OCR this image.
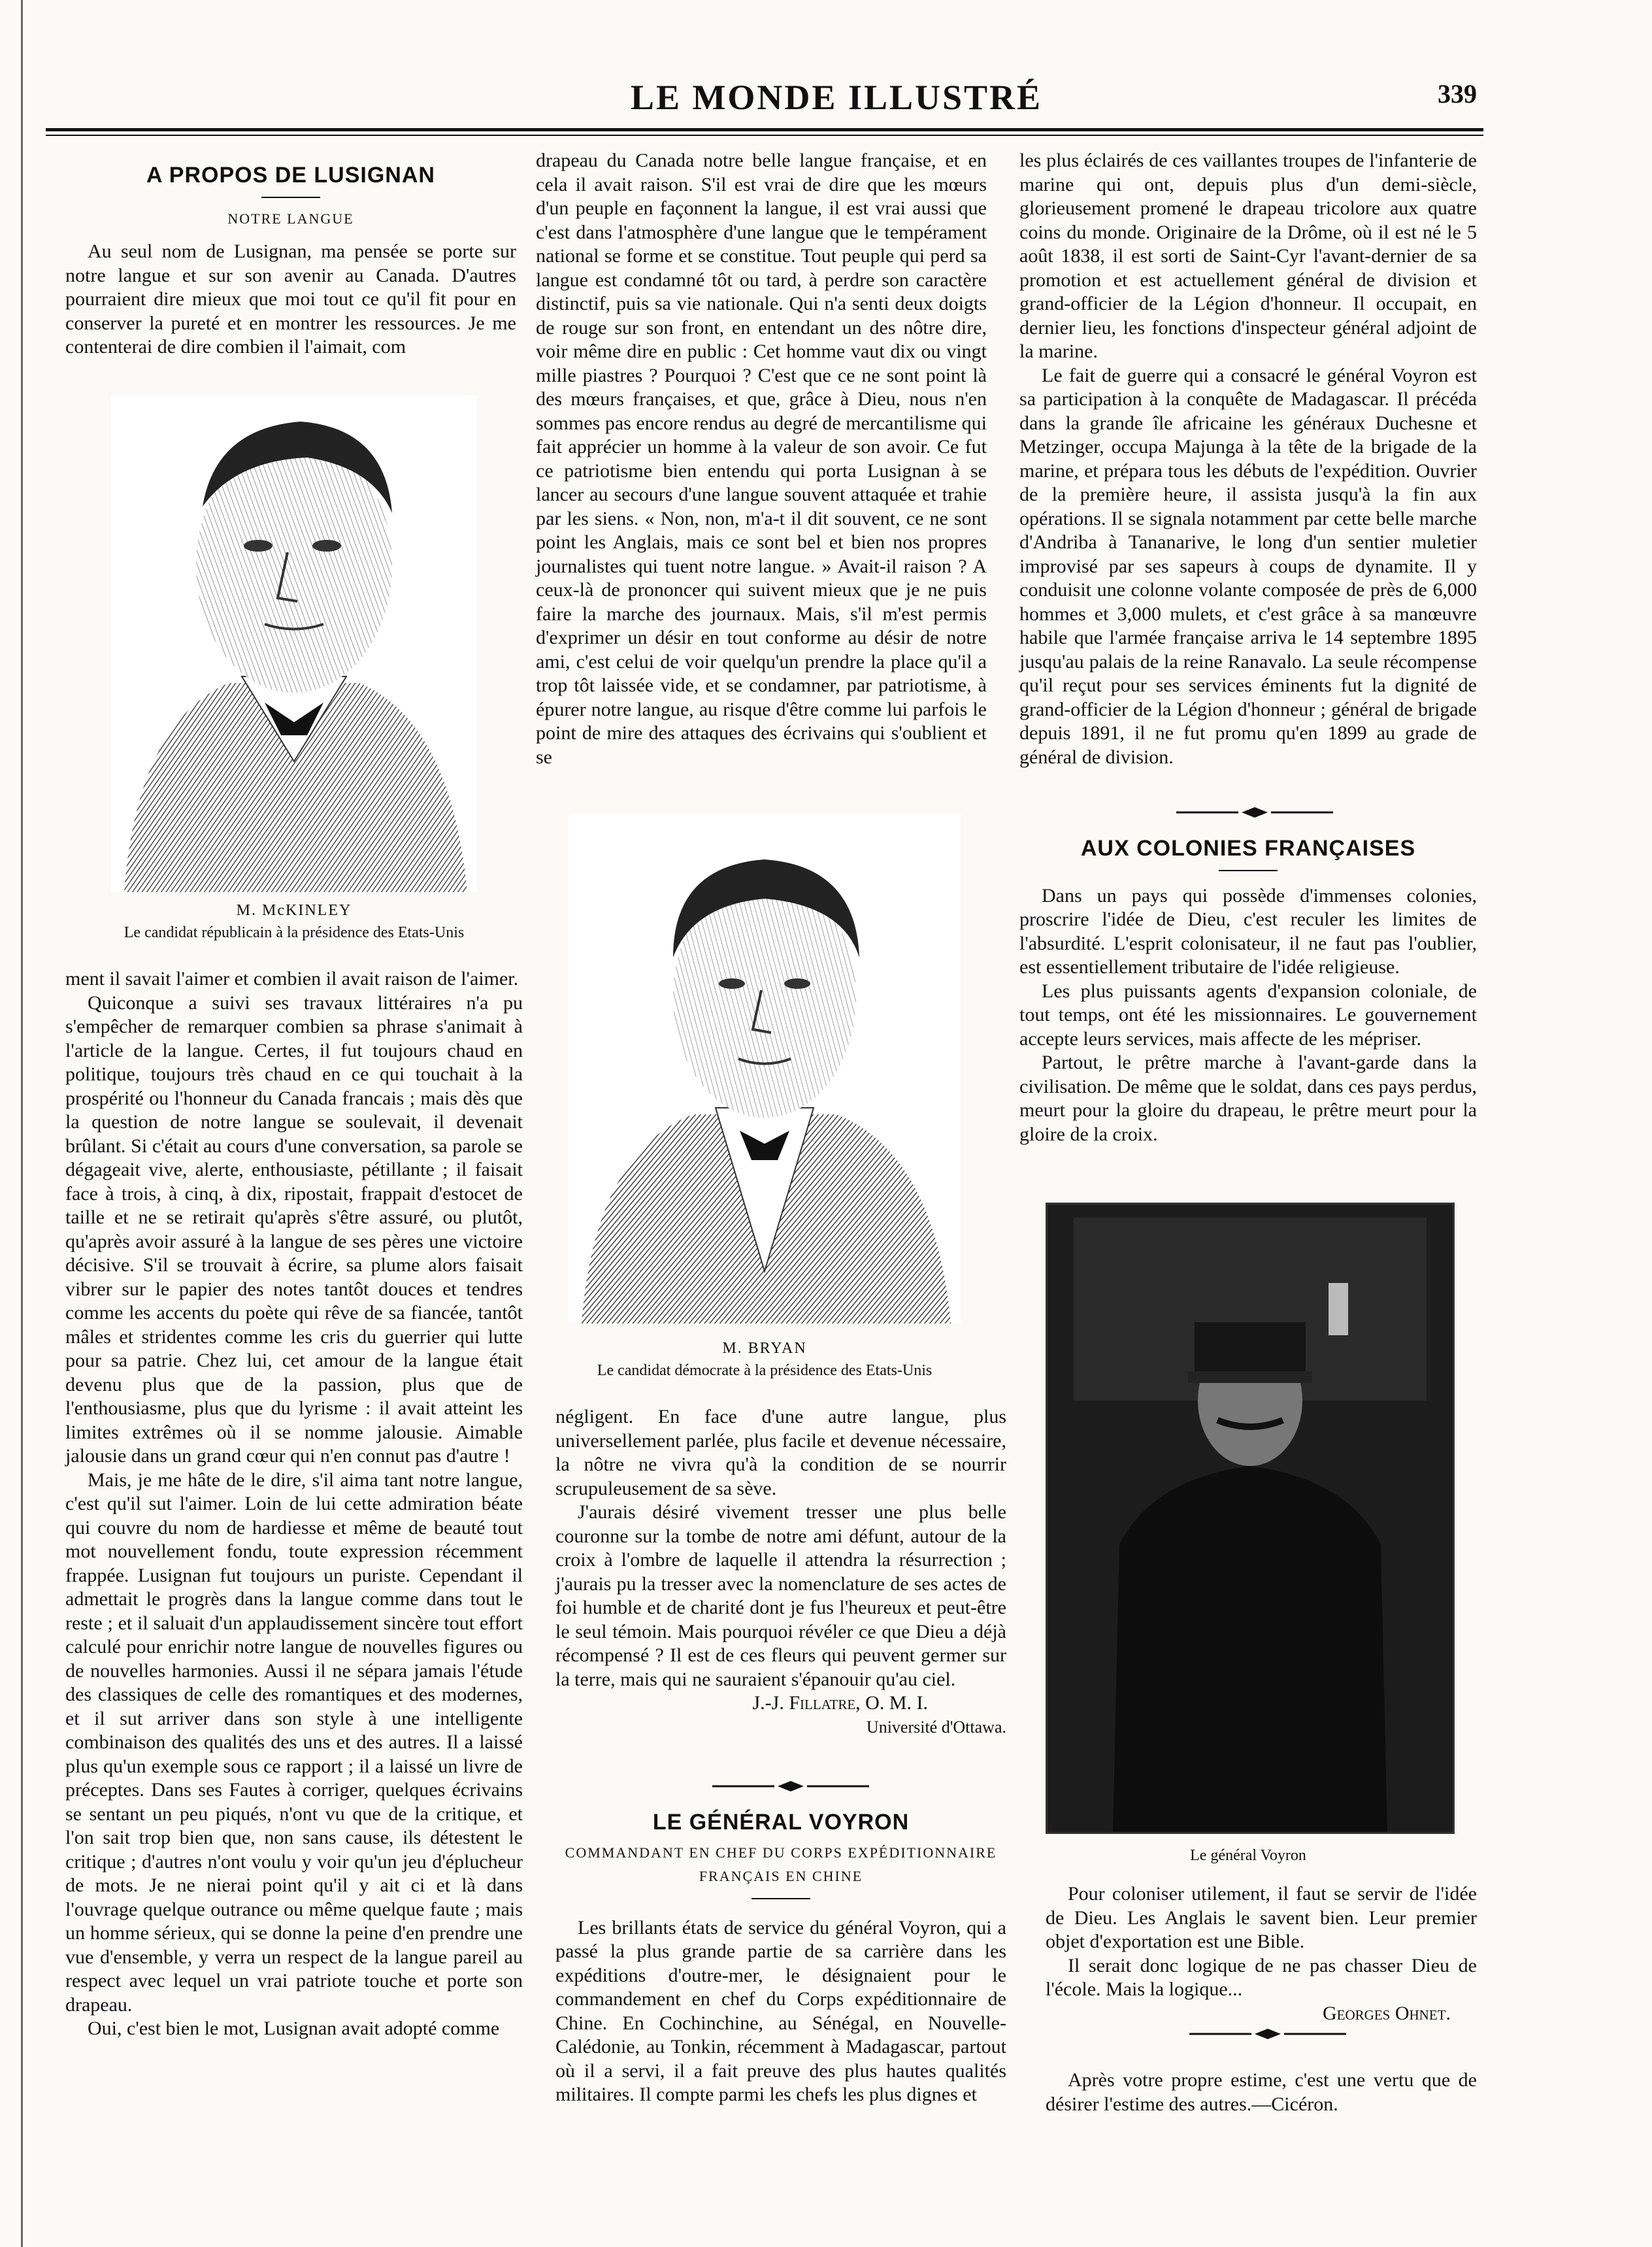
LE MONDE ILLUSTRÉ	339
A PROPOS DE LUSIGNAN
NOTRE LANGUE

Au seul nom de Lusignan, ma pensée se porte sur notre langue et sur son avenir au Canada. D'autres pourraient dire mieux que moi tout ce qu'il fit pour en conserver la pureté et en montrer les ressources. Je me contenterai de dire combien il l'aimait, com

M. McKINLEY
Le candidat républicain à la présidence des Etats-Unis

ment il savait l'aimer et combien il avait raison de l'aimer.

Quiconque a suivi ses travaux littéraires n'a pu s'empêcher de remarquer combien sa phrase s'animait à l'article de la langue. Certes, il fut toujours chaud en politique, toujours très chaud en ce qui touchait à la prospérité ou l'honneur du Canada francais ; mais dès que la question de notre langue se soulevait, il devenait brûlant. Si c'était au cours d'une conversation, sa parole se dégageait vive, alerte, enthousiaste, pétillante ; il faisait face à trois, à cinq, à dix, ripostait, frappait d'estocet de taille et ne se retirait qu'après s'être assuré, ou plutôt, qu'après avoir assuré à la langue de ses pères une victoire décisive. S'il se trouvait à écrire, sa plume alors faisait vibrer sur le papier des notes tantôt douces et tendres comme les accents du poète qui rêve de sa fiancée, tantôt mâles et stridentes comme les cris du guerrier qui lutte pour sa patrie. Chez lui, cet amour de la langue était devenu plus que de la passion, plus que de l'enthousiasme, plus que du lyrisme : il avait atteint les limites extrêmes où il se nomme jalousie. Aimable jalousie dans un grand cœur qui n'en connut pas d'autre !

Mais, je me hâte de le dire, s'il aima tant notre langue, c'est qu'il sut l'aimer. Loin de lui cette admiration béate qui couvre du nom de hardiesse et même de beauté tout mot nouvellement fondu, toute expression récemment frappée. Lusignan fut toujours un puriste. Cependant il admettait le progrès dans la langue comme dans tout le reste ; et il saluait d'un applaudissement sincère tout effort calculé pour enrichir notre langue de nouvelles figures ou de nouvelles harmonies. Aussi il ne sépara jamais l'étude des classiques de celle des romantiques et des modernes, et il sut arriver dans son style à une intelligente combinaison des qualités des uns et des autres. Il a laissé plus qu'un exemple sous ce rapport ; il a laissé un livre de préceptes. Dans ses Fautes à corriger, quelques écrivains se sentant un peu piqués, n'ont vu que de la critique, et l'on sait trop bien que, non sans cause, ils détestent le critique ; d'autres n'ont voulu y voir qu'un jeu d'éplucheur de mots. Je ne nierai point qu'il y ait ci et là dans l'ouvrage quelque outrance ou même quelque faute ; mais un homme sérieux, qui se donne la peine d'en prendre une vue d'ensemble, y verra un respect de la langue pareil au respect avec lequel un vrai patriote touche et porte son drapeau.

Oui, c'est bien le mot, Lusignan avait adopté comme

drapeau du Canada notre belle langue française, et en cela il avait raison. S'il est vrai de dire que les mœurs d'un peuple en façonnent la langue, il est vrai aussi que c'est dans l'atmosphère d'une langue que le tempérament national se forme et se constitue. Tout peuple qui perd sa langue est condamné tôt ou tard, à perdre son caractère distinctif, puis sa vie nationale. Qui n'a senti deux doigts de rouge sur son front, en entendant un des nôtre dire, voir même dire en public : Cet homme vaut dix ou vingt mille piastres ? Pourquoi ? C'est que ce ne sont point là des mœurs françaises, et que, grâce à Dieu, nous n'en sommes pas encore rendus au degré de mercantilisme qui fait apprécier un homme à la valeur de son avoir. Ce fut ce patriotisme bien entendu qui porta Lusignan à se lancer au secours d'une langue souvent attaquée et trahie par les siens. « Non, non, m'a-t il dit souvent, ce ne sont point les Anglais, mais ce sont bel et bien nos propres journalistes qui tuent notre langue. » Avait-il raison ? A ceux-là de prononcer qui suivent mieux que je ne puis faire la marche des journaux. Mais, s'il m'est permis d'exprimer un désir en tout conforme au désir de notre ami, c'est celui de voir quelqu'un prendre la place qu'il a trop tôt laissée vide, et se condamner, par patriotisme, à épurer notre langue, au risque d'être comme lui parfois le point de mire des attaques des écrivains qui s'oublient et se

M. BRYAN
Le candidat démocrate à la présidence des Etats-Unis

négligent. En face d'une autre langue, plus universellement parlée, plus facile et devenue nécessaire, la nôtre ne vivra qu'à la condition de se nourrir scrupuleusement de sa sève.

J'aurais désiré vivement tresser une plus belle couronne sur la tombe de notre ami défunt, autour de la croix à l'ombre de laquelle il attendra la résurrection ; j'aurais pu la tresser avec la nomenclature de ses actes de foi humble et de charité dont je fus l'heureux et peut-être le seul témoin. Mais pourquoi révéler ce que Dieu a déjà récompensé ? Il est de ces fleurs qui peuvent germer sur la terre, mais qui ne sauraient s'épanouir qu'au ciel.

J.-J. Fillatre, O. M. I.
Université d'Ottawa.
LE GÉNÉRAL VOYRON
COMMANDANT EN CHEF DU CORPS EXPÉDITIONNAIRE
FRANÇAIS EN CHINE

Les brillants états de service du général Voyron, qui a passé la plus grande partie de sa carrière dans les expéditions d'outre-mer, le désignaient pour le commandement en chef du Corps expéditionnaire de Chine. En Cochinchine, au Sénégal, en Nouvelle-Calédonie, au Tonkin, récemment à Madagascar, partout où il a servi, il a fait preuve des plus hautes qualités militaires. Il compte parmi les chefs les plus dignes et

les plus éclairés de ces vaillantes troupes de l'infanterie de marine qui ont, depuis plus d'un demi-siècle, glorieusement promené le drapeau tricolore aux quatre coins du monde. Originaire de la Drôme, où il est né le 5 août 1838, il est sorti de Saint-Cyr l'avant-dernier de sa promotion et est actuellement général de division et grand-officier de la Légion d'honneur. Il occupait, en dernier lieu, les fonctions d'inspecteur général adjoint de la marine.

Le fait de guerre qui a consacré le général Voyron est sa participation à la conquête de Madagascar. Il précéda dans la grande île africaine les généraux Duchesne et Metzinger, occupa Majunga à la tête de la brigade de la marine, et prépara tous les débuts de l'expédition. Ouvrier de la première heure, il assista jusqu'à la fin aux opérations. Il se signala notamment par cette belle marche d'Andriba à Tananarive, le long d'un sentier muletier improvisé par ses sapeurs à coups de dynamite. Il y conduisit une colonne volante composée de près de 6,000 hommes et 3,000 mulets, et c'est grâce à sa manœuvre habile que l'armée française arriva le 14 septembre 1895 jusqu'au palais de la reine Ranavalo. La seule récompense qu'il reçut pour ses services éminents fut la dignité de grand-officier de la Légion d'honneur ; général de brigade depuis 1891, il ne fut promu qu'en 1899 au grade de général de division.

AUX COLONIES FRANÇAISES

Dans un pays qui possède d'immenses colonies, proscrire l'idée de Dieu, c'est reculer les limites de l'absurdité. L'esprit colonisateur, il ne faut pas l'oublier, est essentiellement tributaire de l'idée religieuse.

Les plus puissants agents d'expansion coloniale, de tout temps, ont été les missionnaires. Le gouvernement accepte leurs services, mais affecte de les mépriser.

Partout, le prêtre marche à l'avant-garde dans la civilisation. De même que le soldat, dans ces pays perdus, meurt pour la gloire du drapeau, le prêtre meurt pour la gloire de la croix.

Le général Voyron

Pour coloniser utilement, il faut se servir de l'idée de Dieu. Les Anglais le savent bien. Leur premier objet d'exportation est une Bible.

Il serait donc logique de ne pas chasser Dieu de l'école. Mais la logique...

Georges Ohnet.

Après votre propre estime, c'est une vertu que de désirer l'estime des autres.—Cicéron.
